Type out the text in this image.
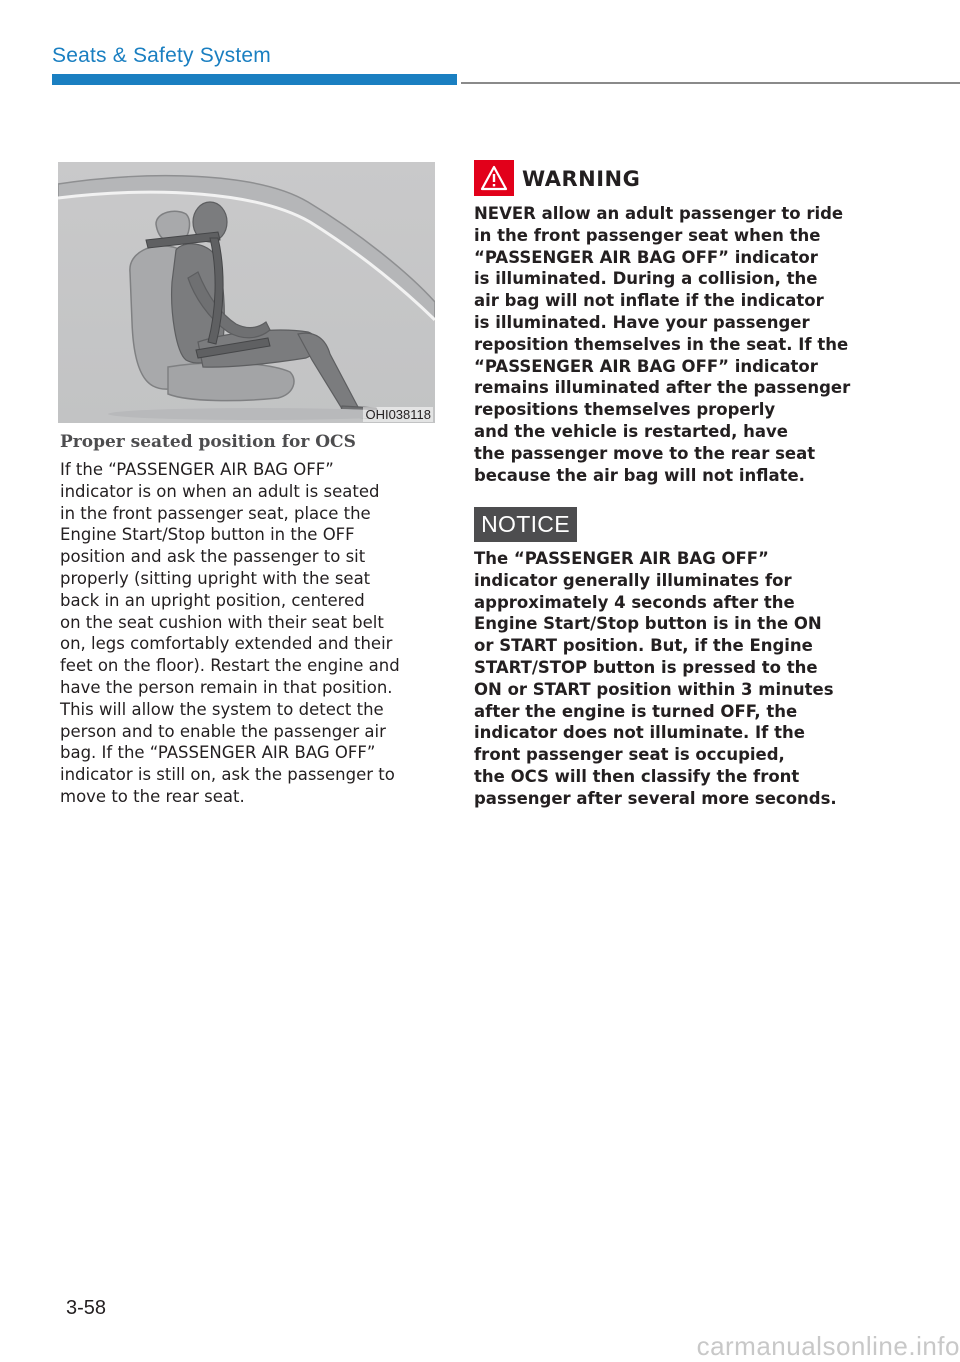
Seats & Safety System
OHI038118
Proper seated position for OCS

If the “PASSENGER AIR BAG OFF”
indicator is on when an adult is seated
in the front passenger seat, place the
Engine Start/Stop button in the OFF
position and ask the passenger to sit
properly (sitting upright with the seat
back in an upright position, centered
on the seat cushion with their seat belt
on, legs comfortably extended and their
feet on the floor). Restart the engine and
have the person remain in that position.
This will allow the system to detect the
person and to enable the passenger air
bag. If the “PASSENGER AIR BAG OFF”
indicator is still on, ask the passenger to
move to the rear seat.

WARNING

NEVER allow an adult passenger to ride
in the front passenger seat when the
“PASSENGER AIR BAG OFF” indicator
is illuminated. During a collision, the
air bag will not inflate if the indicator
is illuminated. Have your passenger
reposition themselves in the seat. If the
“PASSENGER AIR BAG OFF” indicator
remains illuminated after the passenger
repositions themselves properly
and the vehicle is restarted, have
the passenger move to the rear seat
because the air bag will not inflate.

NOTICE

The “PASSENGER AIR BAG OFF”
indicator generally illuminates for
approximately 4 seconds after the
Engine Start/Stop button is in the ON
or START position. But, if the Engine
START/STOP button is pressed to the
ON or START position within 3 minutes
after the engine is turned OFF, the
indicator does not illuminate. If the
front passenger seat is occupied,
the OCS will then classify the front
passenger after several more seconds.

3-58
carmanualsonline.info
